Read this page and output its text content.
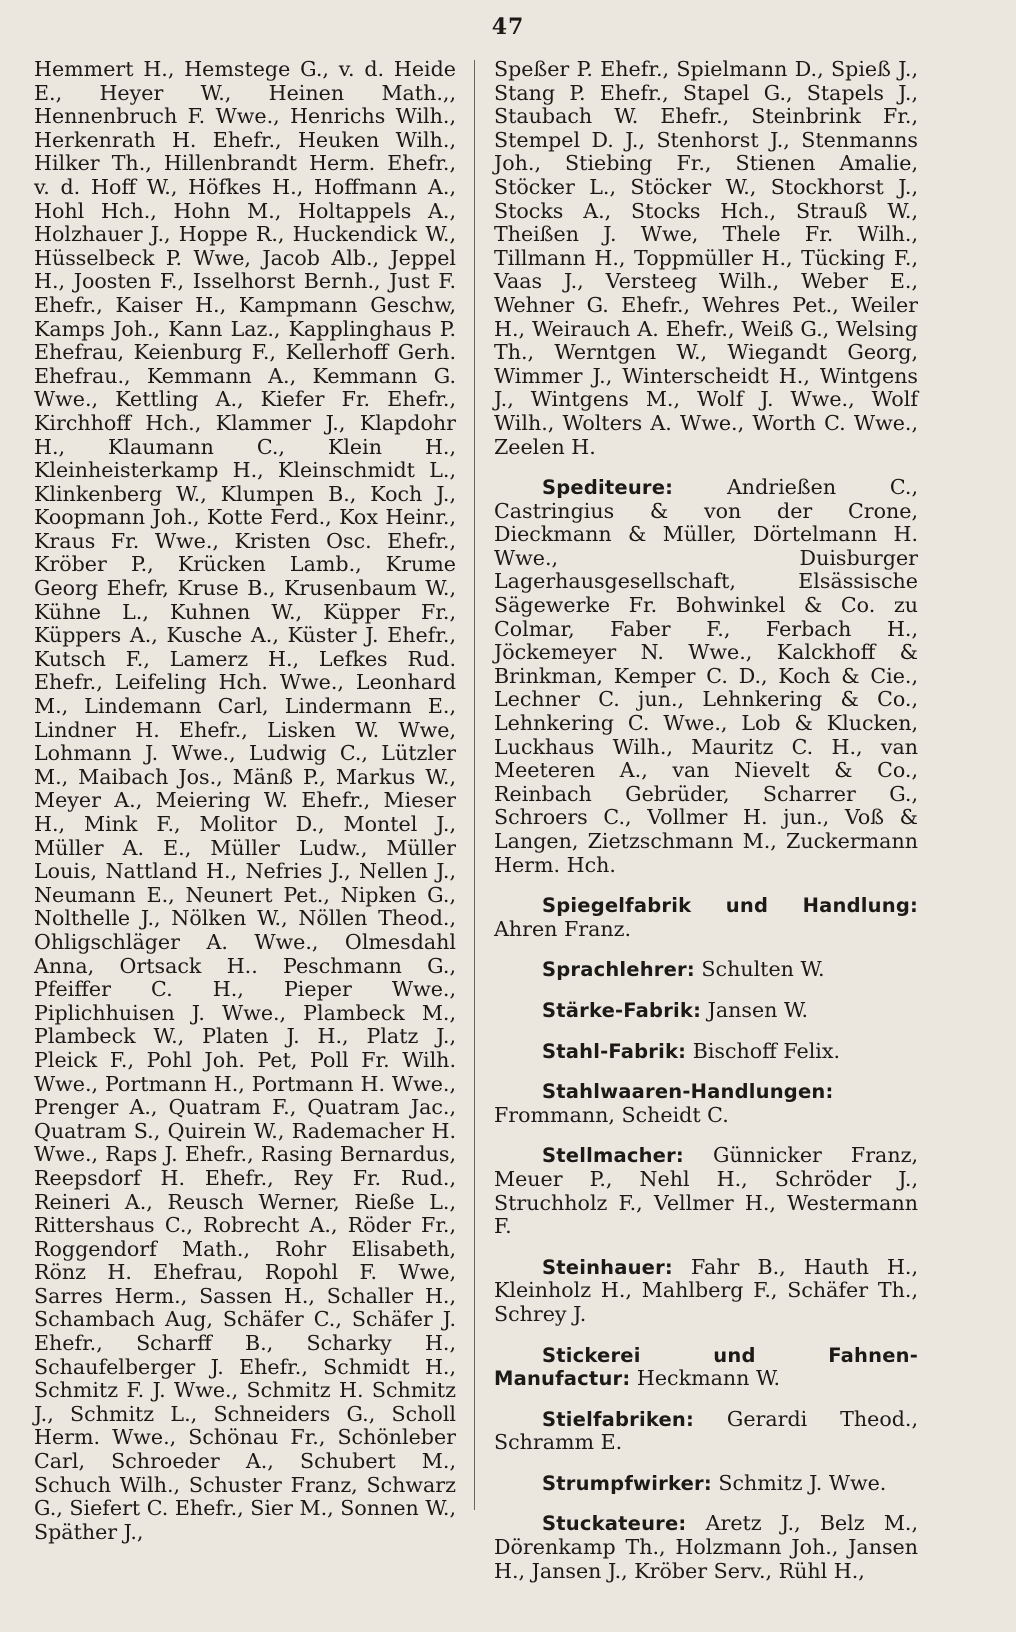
47

Hemmert H., Hemstege G., v. d. Heide E., Heyer W., Heinen Math.,, Hennenbruch F. Wwe., Henrichs Wilh., Herkenrath H. Ehefr., Heuken Wilh., Hilker Th., Hillenbrandt Herm. Ehefr., v. d. Hoff W., Höfkes H., Hoffmann A., Hohl Hch., Hohn M., Holtappels A., Holzhauer J., Hoppe R., Huckendick W., Hüsselbeck P. Wwe, Jacob Alb., Jeppel H., Joosten F., Isselhorst Bernh., Just F. Ehefr., Kaiser H., Kampmann Geschw, Kamps Joh., Kann Laz., Kapplinghaus P. Ehefrau, Keienburg F., Kellerhoff Gerh. Ehefrau., Kemmann A., Kemmann G. Wwe., Kettling A., Kiefer Fr. Ehefr., Kirchhoff Hch., Klammer J., Klapdohr H., Klaumann C., Klein H., Kleinheisterkamp H., Kleinschmidt L., Klinkenberg W., Klumpen B., Koch J., Koopmann Joh., Kotte Ferd., Kox Heinr., Kraus Fr. Wwe., Kristen Osc. Ehefr., Kröber P., Krücken Lamb., Krume Georg Ehefr, Kruse B., Krusenbaum W., Kühne L., Kuhnen W., Küpper Fr., Küppers A., Kusche A., Küster J. Ehefr., Kutsch F., Lamerz H., Lefkes Rud. Ehefr., Leifeling Hch. Wwe., Leonhard M., Lindemann Carl, Lindermann E., Lindner H. Ehefr., Lisken W. Wwe, Lohmann J. Wwe., Ludwig C., Lützler M., Maibach Jos., Mänß P., Markus W., Meyer A., Meiering W. Ehefr., Mieser H., Mink F., Molitor D., Montel J., Müller A. E., Müller Ludw., Müller Louis, Nattland H., Nefries J., Nellen J., Neumann E., Neunert Pet., Nipken G., Nolthelle J., Nölken W., Nöllen Theod., Ohligschläger A. Wwe., Olmesdahl Anna, Ortsack H.. Peschmann G., Pfeiffer C. H., Pieper Wwe., Piplichhuisen J. Wwe., Plambeck M., Plambeck W., Platen J. H., Platz J., Pleick F., Pohl Joh. Pet, Poll Fr. Wilh. Wwe., Portmann H., Portmann H. Wwe., Prenger A., Quatram F., Quatram Jac., Quatram S., Quirein W., Rademacher H. Wwe., Raps J. Ehefr., Rasing Bernardus, Reepsdorf H. Ehefr., Rey Fr. Rud., Reineri A., Reusch Werner, Rieße L., Rittershaus C., Robrecht A., Röder Fr., Roggendorf Math., Rohr Elisabeth, Rönz H. Ehefrau, Ropohl F. Wwe, Sarres Herm., Sassen H., Schaller H., Schambach Aug, Schäfer C., Schäfer J. Ehefr., Scharff B., Scharky H., Schaufelberger J. Ehefr., Schmidt H., Schmitz F. J. Wwe., Schmitz H. Schmitz J., Schmitz L., Schneiders G., Scholl Herm. Wwe., Schönau Fr., Schönleber Carl, Schroeder A., Schubert M., Schuch Wilh., Schuster Franz, Schwarz G., Siefert C. Ehefr., Sier M., Sonnen W., Späther J.,

Speßer P. Ehefr., Spielmann D., Spieß J., Stang P. Ehefr., Stapel G., Stapels J., Staubach W. Ehefr., Steinbrink Fr., Stempel D. J., Stenhorst J., Stenmanns Joh., Stiebing Fr., Stienen Amalie, Stöcker L., Stöcker W., Stockhorst J., Stocks A., Stocks Hch., Strauß W., Theißen J. Wwe, Thele Fr. Wilh., Tillmann H., Toppmüller H., Tücking F., Vaas J., Versteeg Wilh., Weber E., Wehner G. Ehefr., Wehres Pet., Weiler H., Weirauch A. Ehefr., Weiß G., Welsing Th., Werntgen W., Wiegandt Georg, Wimmer J., Winterscheidt H., Wintgens J., Wintgens M., Wolf J. Wwe., Wolf Wilh., Wolters A. Wwe., Worth C. Wwe., Zeelen H.

Spediteure:	Andrießen C., Castringius & von der Crone, Dieckmann & Müller, Dörtelmann H. Wwe., Duisburger Lagerhausgesellschaft, Elsässische Sägewerke Fr. Bohwinkel & Co. zu Colmar, Faber F., Ferbach H., Jöckemeyer N. Wwe., Kalckhoff & Brinkman, Kemper C. D., Koch & Cie., Lechner C. jun., Lehnkering & Co., Lehnkering C. Wwe., Lob & Klucken, Luckhaus Wilh., Mauritz C. H., van Meeteren A., van Nievelt & Co., Reinbach Gebrüder, Scharrer G., Schroers C., Vollmer H. jun., Voß & Langen, Zietzschmann M., Zuckermann Herm. Hch.

Spiegelfabrik und Handlung: Ahren Franz.

Sprachlehrer: Schulten W.

Stärke-Fabrik: Jansen W.

Stahl-Fabrik: Bischoff Felix.

Stahlwaaren-Handlungen: Frommann, Scheidt C.

Stellmacher: Günnicker Franz, Meuer P., Nehl H., Schröder J., Struchholz F., Vellmer H., Westermann F.

Steinhauer: Fahr B., Hauth H., Kleinholz H., Mahlberg F., Schäfer Th., Schrey J.

Stickerei und Fahnen-Manufactur: Heckmann W.

Stielfabriken: Gerardi Theod., Schramm E.

Strumpfwirker: Schmitz J. Wwe.

Stuckateure: Aretz J., Belz M., Dörenkamp Th., Holzmann Joh., Jansen H., Jansen J., Kröber Serv., Rühl H.,
